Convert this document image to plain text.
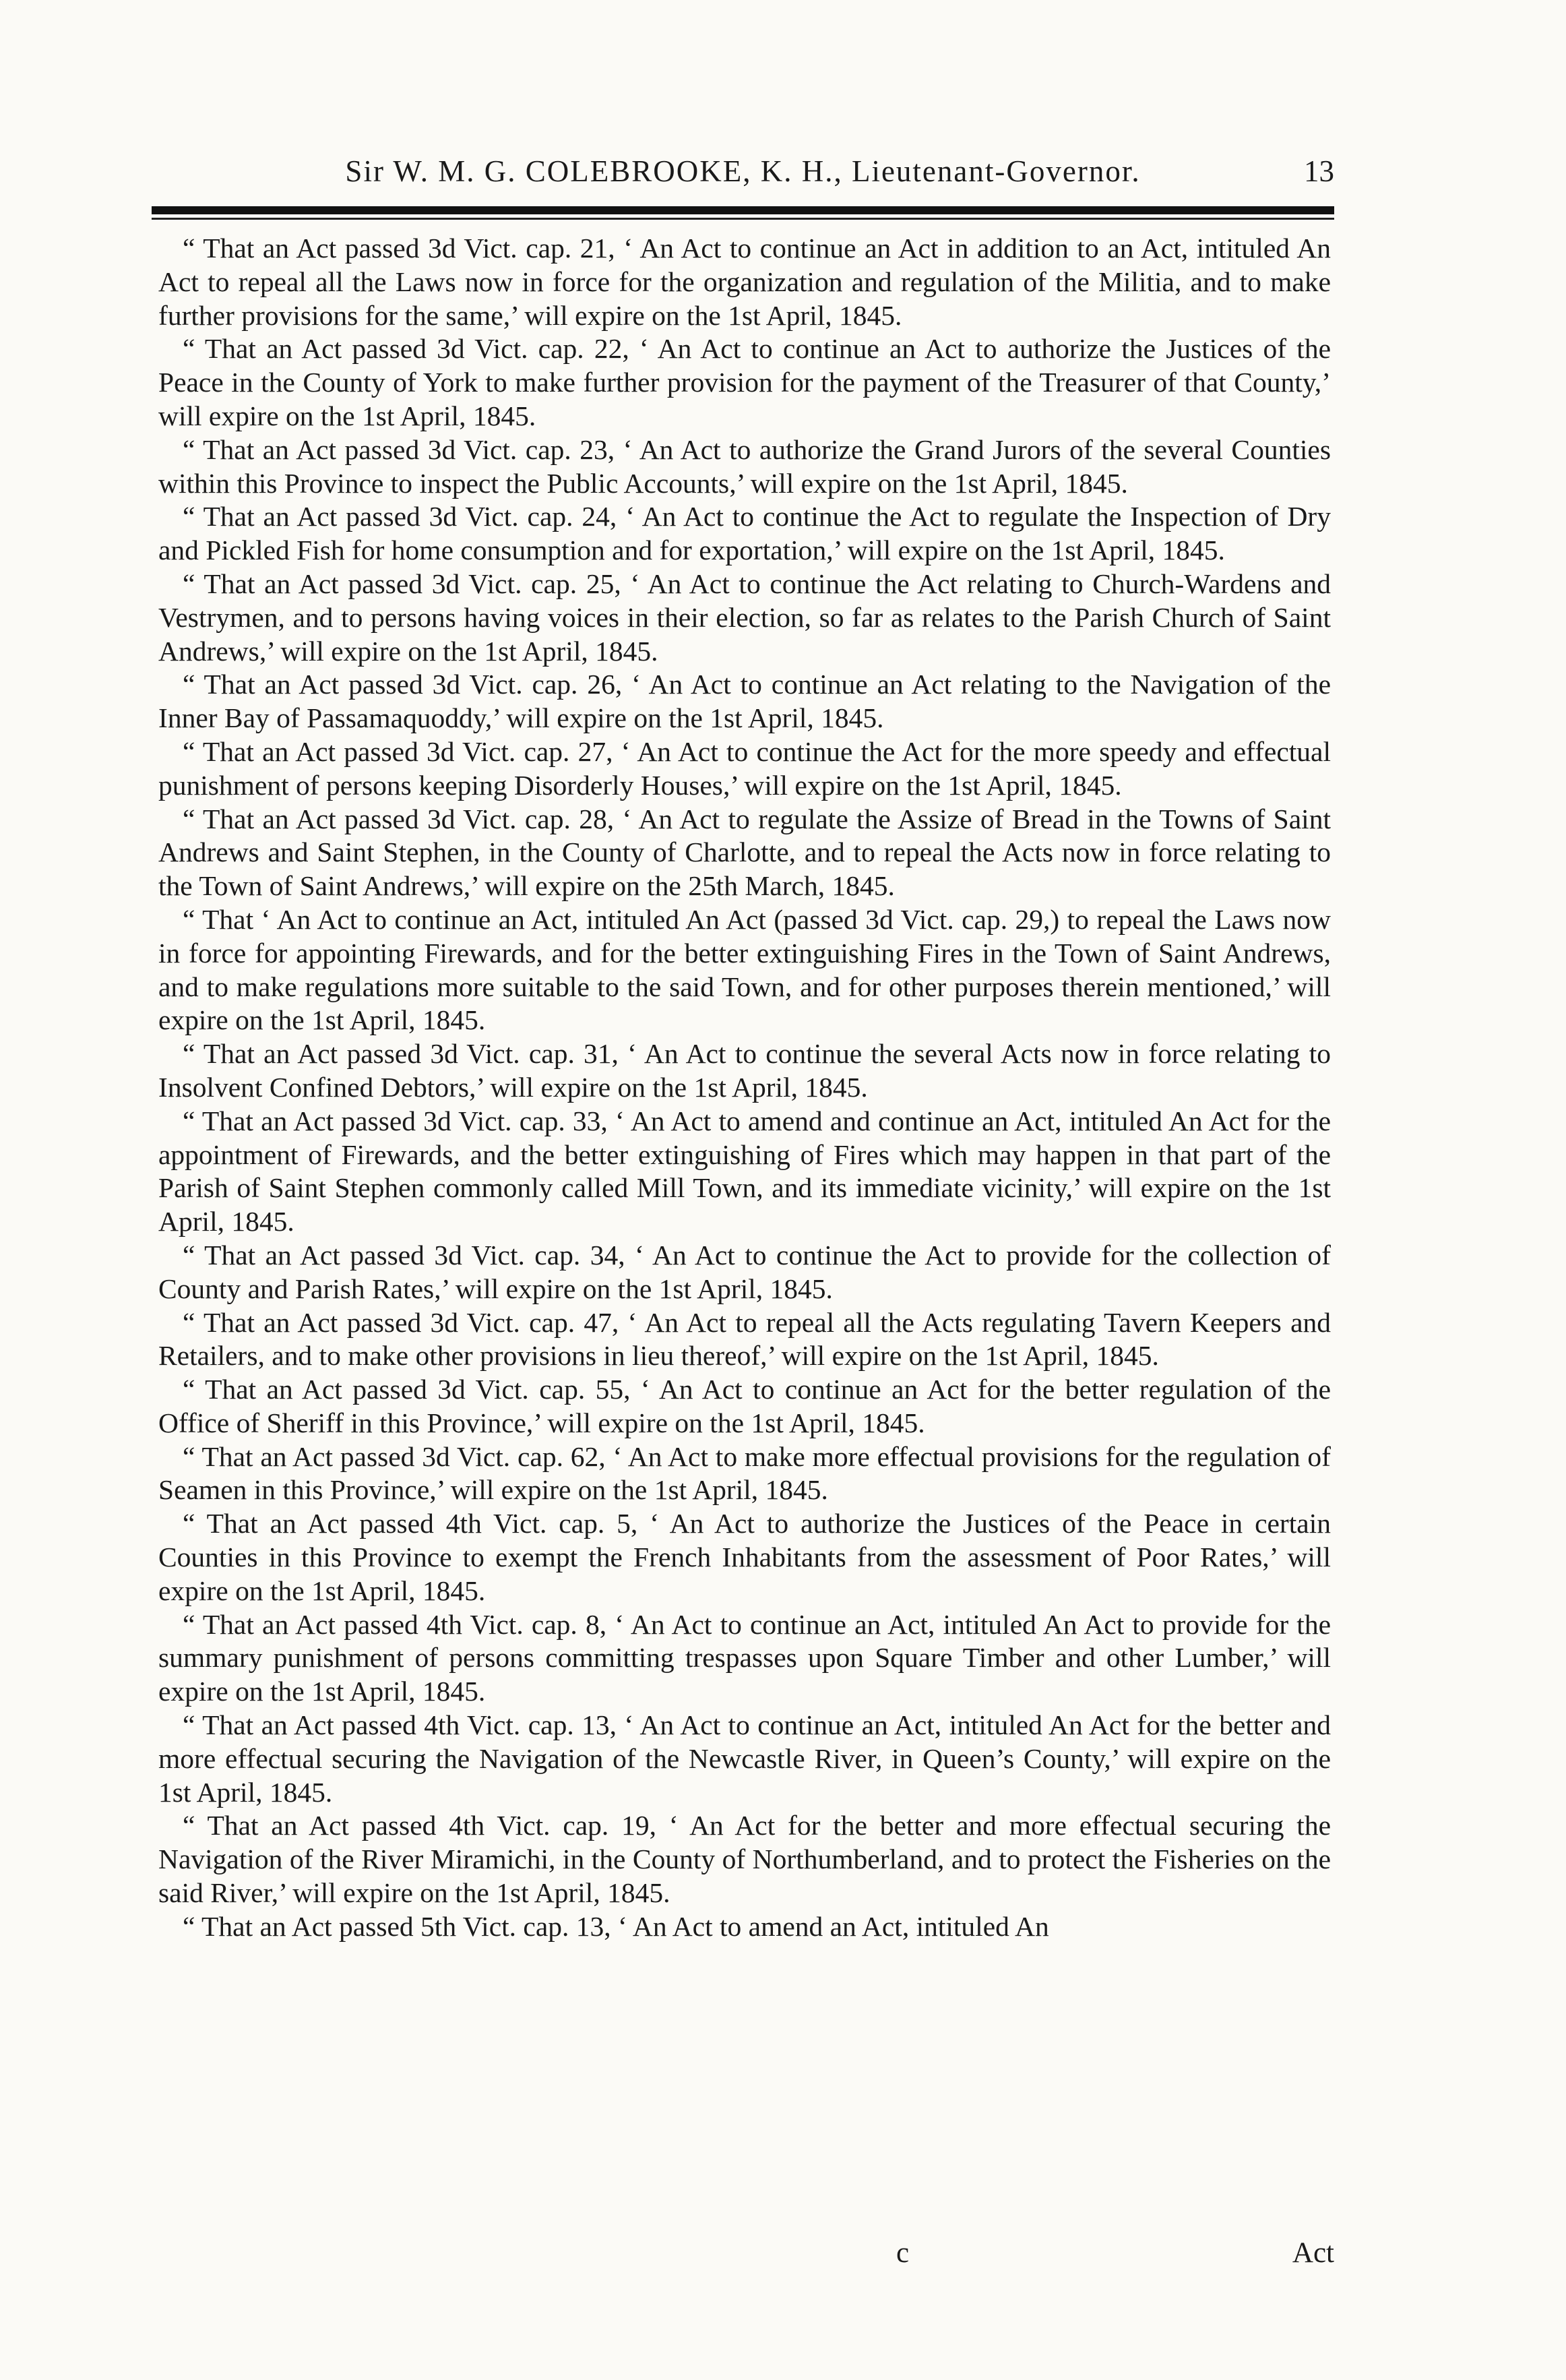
Sir W. M. G. COLEBROOKE, K. H., Lieutenant-Governor.	13

“ That an Act passed 3d Vict. cap. 21, ‘ An Act to continue an Act in addition to an Act, intituled An Act to repeal all the Laws now in force for the organization and regulation of the Militia, and to make further provisions for the same,’ will expire on the 1st April, 1845.

“ That an Act passed 3d Vict. cap. 22, ‘ An Act to continue an Act to authorize the Justices of the Peace in the County of York to make further provision for the payment of the Treasurer of that County,’ will expire on the 1st April, 1845.

“ That an Act passed 3d Vict. cap. 23, ‘ An Act to authorize the Grand Jurors of the several Counties within this Province to inspect the Public Accounts,’ will expire on the 1st April, 1845.

“ That an Act passed 3d Vict. cap. 24, ‘ An Act to continue the Act to regulate the Inspection of Dry and Pickled Fish for home consumption and for exportation,’ will expire on the 1st April, 1845.

“ That an Act passed 3d Vict. cap. 25, ‘ An Act to continue the Act relating to Church-Wardens and Vestrymen, and to persons having voices in their election, so far as relates to the Parish Church of Saint Andrews,’ will expire on the 1st April, 1845.

“ That an Act passed 3d Vict. cap. 26, ‘ An Act to continue an Act relating to the Navigation of the Inner Bay of Passamaquoddy,’ will expire on the 1st April, 1845.

“ That an Act passed 3d Vict. cap. 27, ‘ An Act to continue the Act for the more speedy and effectual punishment of persons keeping Disorderly Houses,’ will expire on the 1st April, 1845.

“ That an Act passed 3d Vict. cap. 28, ‘ An Act to regulate the Assize of Bread in the Towns of Saint Andrews and Saint Stephen, in the County of Charlotte, and to repeal the Acts now in force relating to the Town of Saint Andrews,’ will expire on the 25th March, 1845.

“ That ‘ An Act to continue an Act, intituled An Act (passed 3d Vict. cap. 29,) to repeal the Laws now in force for appointing Firewards, and for the better extinguishing Fires in the Town of Saint Andrews, and to make regulations more suitable to the said Town, and for other purposes therein mentioned,’ will expire on the 1st April, 1845.

“ That an Act passed 3d Vict. cap. 31, ‘ An Act to continue the several Acts now in force relating to Insolvent Confined Debtors,’ will expire on the 1st April, 1845.

“ That an Act passed 3d Vict. cap. 33, ‘ An Act to amend and continue an Act, intituled An Act for the appointment of Firewards, and the better extinguishing of Fires which may happen in that part of the Parish of Saint Stephen commonly called Mill Town, and its immediate vicinity,’ will expire on the 1st April, 1845.

“ That an Act passed 3d Vict. cap. 34, ‘ An Act to continue the Act to provide for the collection of County and Parish Rates,’ will expire on the 1st April, 1845.

“ That an Act passed 3d Vict. cap. 47, ‘ An Act to repeal all the Acts regulating Tavern Keepers and Retailers, and to make other provisions in lieu thereof,’ will expire on the 1st April, 1845.

“ That an Act passed 3d Vict. cap. 55, ‘ An Act to continue an Act for the better regulation of the Office of Sheriff in this Province,’ will expire on the 1st April, 1845.

“ That an Act passed 3d Vict. cap. 62, ‘ An Act to make more effectual provisions for the regulation of Seamen in this Province,’ will expire on the 1st April, 1845.

“ That an Act passed 4th Vict. cap. 5, ‘ An Act to authorize the Justices of the Peace in certain Counties in this Province to exempt the French Inhabitants from the assessment of Poor Rates,’ will expire on the 1st April, 1845.

“ That an Act passed 4th Vict. cap. 8, ‘ An Act to continue an Act, intituled An Act to provide for the summary punishment of persons committing trespasses upon Square Timber and other Lumber,’ will expire on the 1st April, 1845.

“ That an Act passed 4th Vict. cap. 13, ‘ An Act to continue an Act, intituled An Act for the better and more effectual securing the Navigation of the Newcastle River, in Queen’s County,’ will expire on the 1st April, 1845.

“ That an Act passed 4th Vict. cap. 19, ‘ An Act for the better and more effectual securing the Navigation of the River Miramichi, in the County of Northumberland, and to protect the Fisheries on the said River,’ will expire on the 1st April, 1845.

“ That an Act passed 5th Vict. cap. 13, ‘ An Act to amend an Act, intituled An

c	Act
